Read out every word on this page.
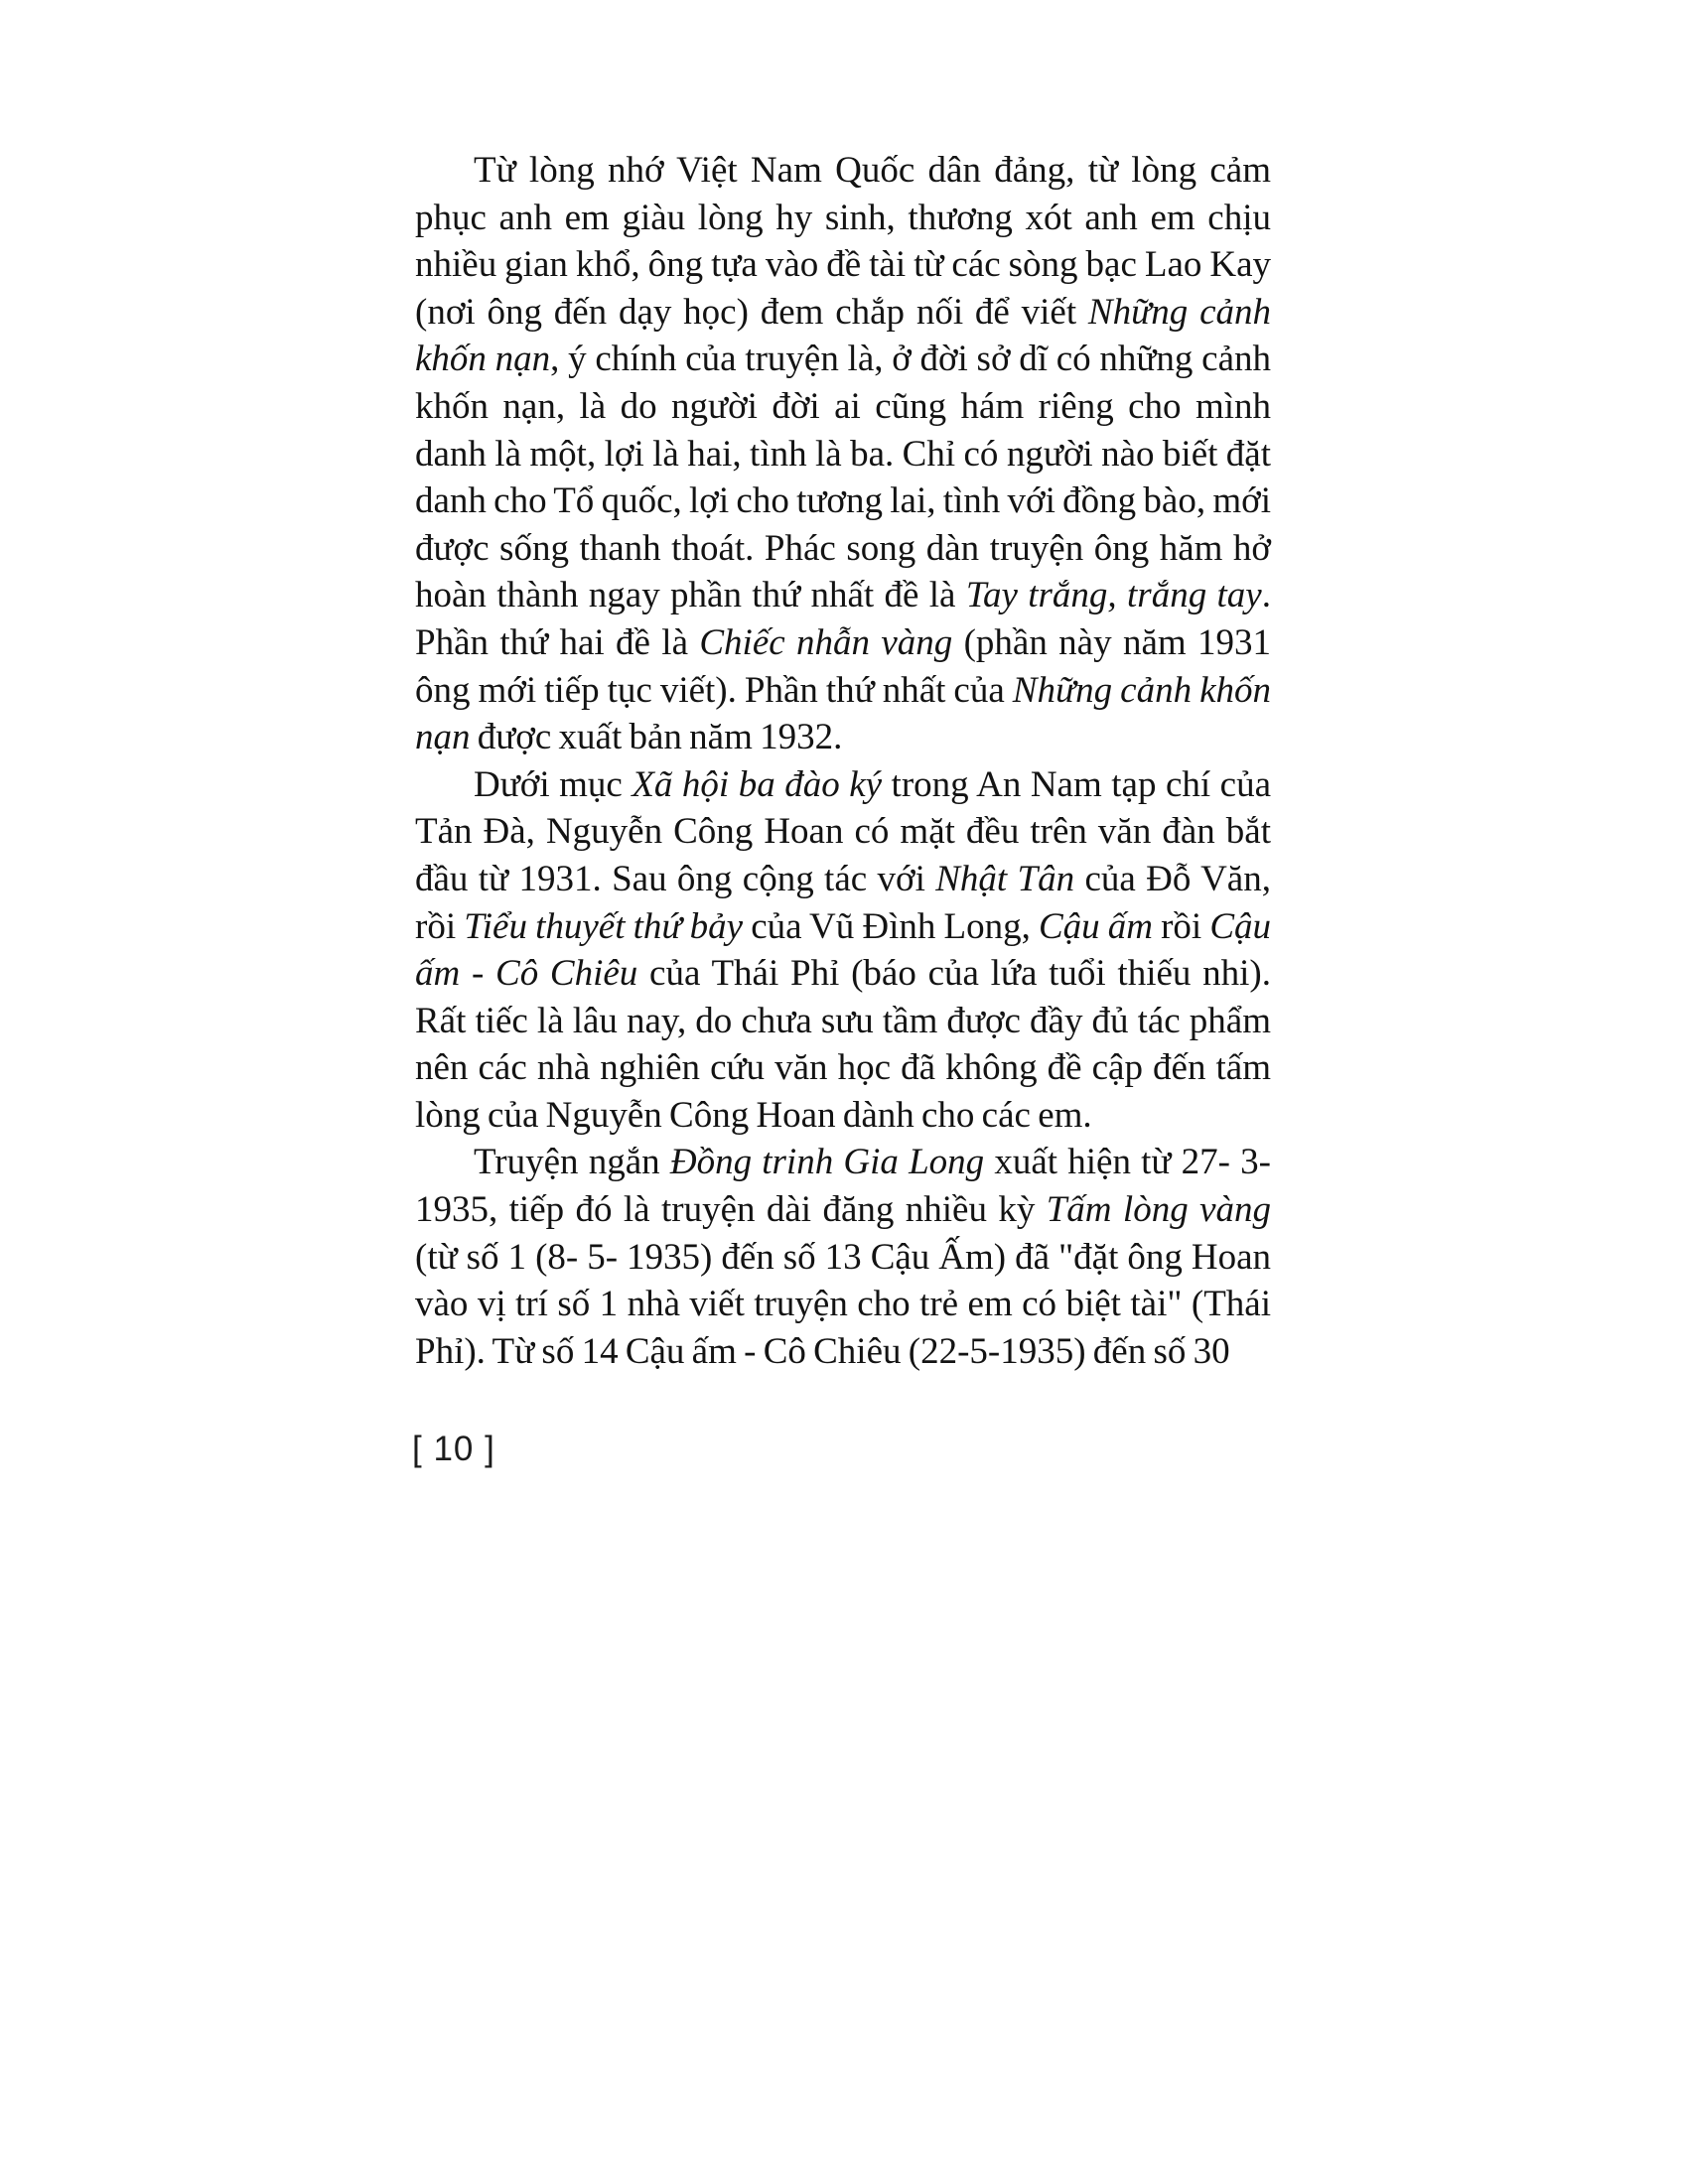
Từ lòng nhớ Việt Nam Quốc dân đảng, từ lòng cảm phục anh em giàu lòng hy sinh, thương xót anh em chịu nhiều gian khổ, ông tựa vào đề tài từ các sòng bạc Lao Kay (nơi ông đến dạy học) đem chắp nối để viết Những cảnh khốn nạn, ý chính của truyện là, ở đời sở dĩ có những cảnh khốn nạn, là do người đời ai cũng hám riêng cho mình danh là một, lợi là hai, tình là ba. Chỉ có người nào biết đặt danh cho Tổ quốc, lợi cho tương lai, tình với đồng bào, mới được sống thanh thoát. Phác song dàn truyện ông hăm hở hoàn thành ngay phần thứ nhất đề là Tay trắng, trắng tay. Phần thứ hai đề là Chiếc nhẫn vàng (phần này năm 1931 ông mới tiếp tục viết). Phần thứ nhất của Những cảnh khốn nạn được xuất bản năm 1932.

Dưới mục Xã hội ba đào ký trong An Nam tạp chí của Tản Đà, Nguyễn Công Hoan có mặt đều trên văn đàn bắt đầu từ 1931. Sau ông cộng tác với Nhật Tân của Đỗ Văn, rồi Tiểu thuyết thứ bảy của Vũ Đình Long, Cậu ấm rồi Cậu ấm - Cô Chiêu của Thái Phỉ (báo của lứa tuổi thiếu nhi). Rất tiếc là lâu nay, do chưa sưu tầm được đầy đủ tác phẩm nên các nhà nghiên cứu văn học đã không đề cập đến tấm lòng của Nguyễn Công Hoan dành cho các em.

Truyện ngắn Đồng trinh Gia Long xuất hiện từ 27- 3- 1935, tiếp đó là truyện dài đăng nhiều kỳ Tấm lòng vàng (từ số 1 (8- 5- 1935) đến số 13 Cậu Ấm) đã "đặt ông Hoan vào vị trí số 1 nhà viết truyện cho trẻ em có biệt tài" (Thái Phỉ). Từ số 14 Cậu ấm - Cô Chiêu (22-5-1935) đến số 30

[ 10 ]
